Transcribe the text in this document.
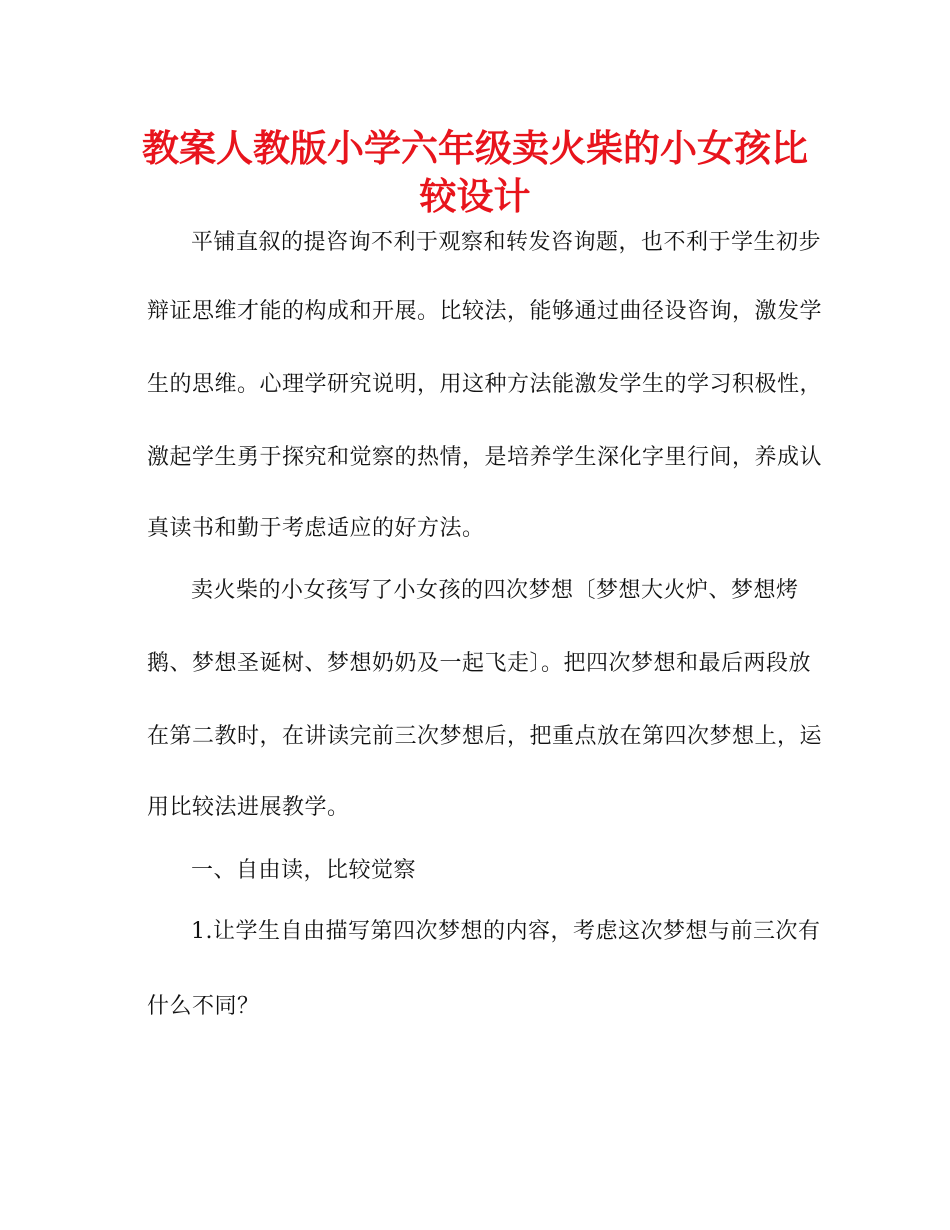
教案人教版小学六年级卖火柴的小女孩比
较设计
平铺直叙的提咨询不利于观察和转发咨询题，也不利于学生初步
辩证思维才能的构成和开展。比较法，能够通过曲径设咨询，激发学
生的思维。心理学研究说明，用这种方法能激发学生的学习积极性，
激起学生勇于探究和觉察的热情，是培养学生深化字里行间，养成认
真读书和勤于考虑适应的好方法。
卖火柴的小女孩写了小女孩的四次梦想〔梦想大火炉、梦想烤
鹅、梦想圣诞树、梦想奶奶及一起飞走〕。把四次梦想和最后两段放
在第二教时，在讲读完前三次梦想后，把重点放在第四次梦想上，运
用比较法进展教学。
一、自由读，比较觉察
1.让学生自由描写第四次梦想的内容，考虑这次梦想与前三次有
什么不同？
